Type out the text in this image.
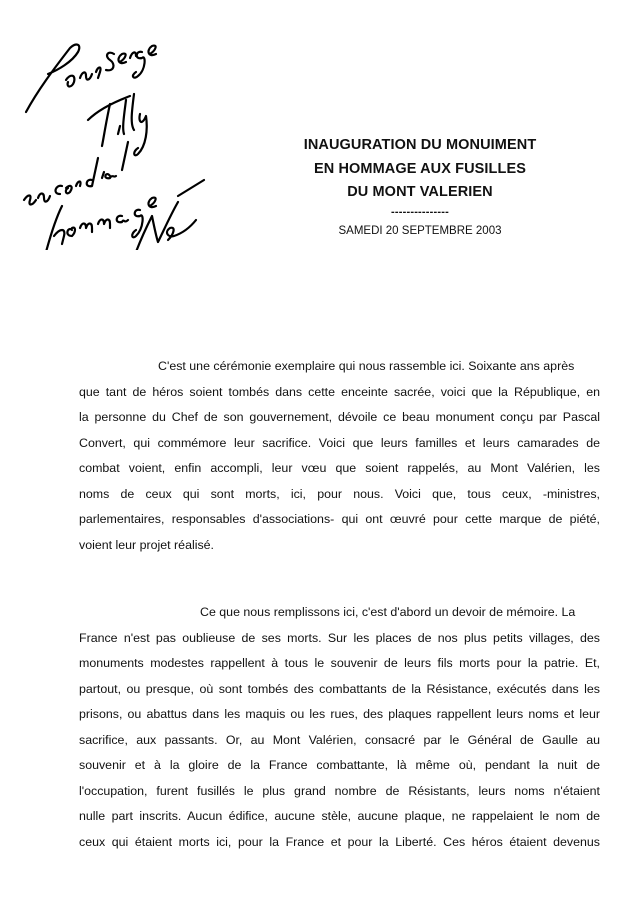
INAUGURATION DU MONUIMENT
EN HOMMAGE AUX FUSILLES
DU MONT VALERIEN
---------------
SAMEDI 20 SEPTEMBRE 2003
C'est une cérémonie exemplaire qui nous rassemble ici. Soixante ans après
que tant de héros soient tombés dans cette enceinte sacrée, voici que la République, en
la personne du Chef de son gouvernement, dévoile ce beau monument conçu par Pascal
Convert, qui commémore leur sacrifice. Voici que leurs familles et leurs camarades de
combat voient, enfin accompli, leur vœu que soient rappelés, au Mont Valérien, les
noms de ceux qui sont morts, ici, pour nous. Voici que, tous ceux, -ministres,
parlementaires, responsables d'associations- qui ont œuvré pour cette marque de piété,
voient leur projet réalisé.
Ce que nous remplissons ici, c'est d'abord un devoir de mémoire. La
France n'est pas oublieuse de ses morts. Sur les places de nos plus petits villages, des
monuments modestes rappellent à tous le souvenir de leurs fils morts pour la patrie. Et,
partout, ou presque, où sont tombés des combattants de la Résistance, exécutés dans les
prisons, ou abattus dans les maquis ou les rues, des plaques rappellent leurs noms et leur
sacrifice, aux passants. Or, au Mont Valérien, consacré par le Général de Gaulle au
souvenir et à la gloire de la France combattante, là même où, pendant la nuit de
l'occupation, furent fusillés le plus grand nombre de Résistants, leurs noms n'étaient
nulle part inscrits. Aucun édifice, aucune stèle, aucune plaque, ne rappelaient le nom de
ceux qui étaient morts ici, pour la France et pour la Liberté. Ces héros étaient devenus
